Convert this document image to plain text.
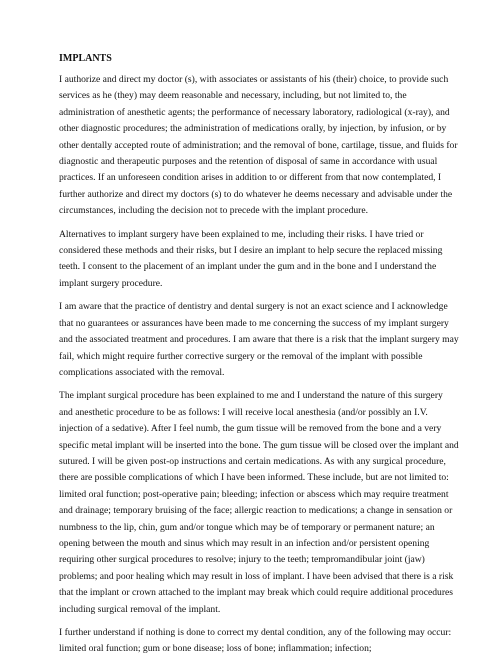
IMPLANTS

I authorize and direct my doctor (s), with associates or assistants of his (their) choice, to provide such services as he (they) may deem reasonable and necessary, including, but not limited to, the administration of anesthetic agents; the performance of necessary laboratory, radiological (x-ray), and other diagnostic procedures; the administration of medications orally, by injection, by infusion, or by other dentally accepted route of administration; and the removal of bone, cartilage, tissue, and fluids for diagnostic and therapeutic purposes and the retention of disposal of same in accordance with usual practices. If an unforeseen condition arises in addition to or different from that now contemplated, I further authorize and direct my doctors (s) to do whatever he deems necessary and advisable under the circumstances, including the decision not to precede with the implant procedure.

Alternatives to implant surgery have been explained to me, including their risks. I have tried or considered these methods and their risks, but I desire an implant to help secure the replaced missing teeth. I consent to the placement of an implant under the gum and in the bone and I understand the implant surgery procedure.

I am aware that the practice of dentistry and dental surgery is not an exact science and I acknowledge that no guarantees or assurances have been made to me concerning the success of my implant surgery and the associated treatment and procedures. I am aware that there is a risk that the implant surgery may fail, which might require further corrective surgery or the removal of the implant with possible complications associated with the removal.

The implant surgical procedure has been explained to me and I understand the nature of this surgery and anesthetic procedure to be as follows: I will receive local anesthesia (and/or possibly an I.V. injection of a sedative). After I feel numb, the gum tissue will be removed from the bone and a very specific metal implant will be inserted into the bone. The gum tissue will be closed over the implant and sutured. I will be given post-op instructions and certain medications. As with any surgical procedure, there are possible complications of which I have been informed. These include, but are not limited to: limited oral function; post-operative pain; bleeding; infection or abscess which may require treatment and drainage; temporary bruising of the face; allergic reaction to medications; a change in sensation or numbness to the lip, chin, gum and/or tongue which may be of temporary or permanent nature; an opening between the mouth and sinus which may result in an infection and/or persistent opening requiring other surgical procedures to resolve; injury to the teeth; tempromandibular joint (jaw) problems; and poor healing which may result in loss of implant. I have been advised that there is a risk that the implant or crown attached to the implant may break which could require additional procedures including surgical removal of the implant.

I further understand if nothing is done to correct my dental condition, any of the following may occur: limited oral function; gum or bone disease; loss of bone; inflammation; infection;
